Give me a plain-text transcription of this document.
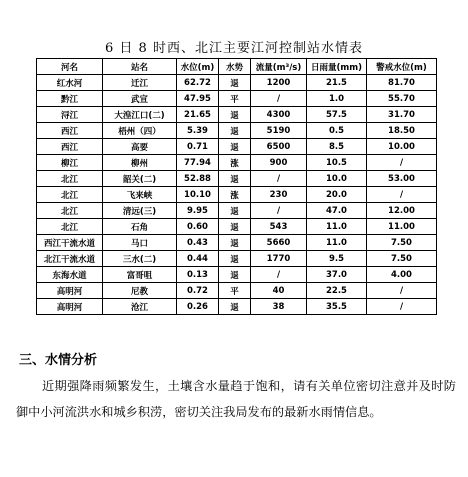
6 日 8 时西、北江主要江河控制站水情表
河名	站名	水位(m)	水势	流量(m³/s)	日雨量(mm)	警戒水位(m)
红水河	迁江	62.72	退	1200	21.5	81.70
黔江	武宣	47.95	平	/	1.0	55.70
浔江	大湟江口(二)	21.65	退	4300	57.5	31.70
西江	梧州（四）	5.39	退	5190	0.5	18.50
西江	高要	0.71	退	6500	8.5	10.00
柳江	柳州	77.94	涨	900	10.5	/
北江	韶关(二)	52.88	退	/	10.0	53.00
北江	飞来峡	10.10	涨	230	20.0	/
北江	清远(三)	9.95	退	/	47.0	12.00
北江	石角	0.60	退	543	11.0	11.00
西江干流水道	马口	0.43	退	5660	11.0	7.50
北江干流水道	三水(二)	0.44	退	1770	9.5	7.50
东海水道	富哥咀	0.13	退	/	37.0	4.00
高明河	尼教	0.72	平	40	22.5	/
高明河	沧江	0.26	退	38	35.5	/
三、水情分析
近期强降雨频繁发生，土壤含水量趋于饱和，请有关单位密切注意并及时防御中小河流洪水和城乡积涝，密切关注我局发布的最新水雨情信息。
